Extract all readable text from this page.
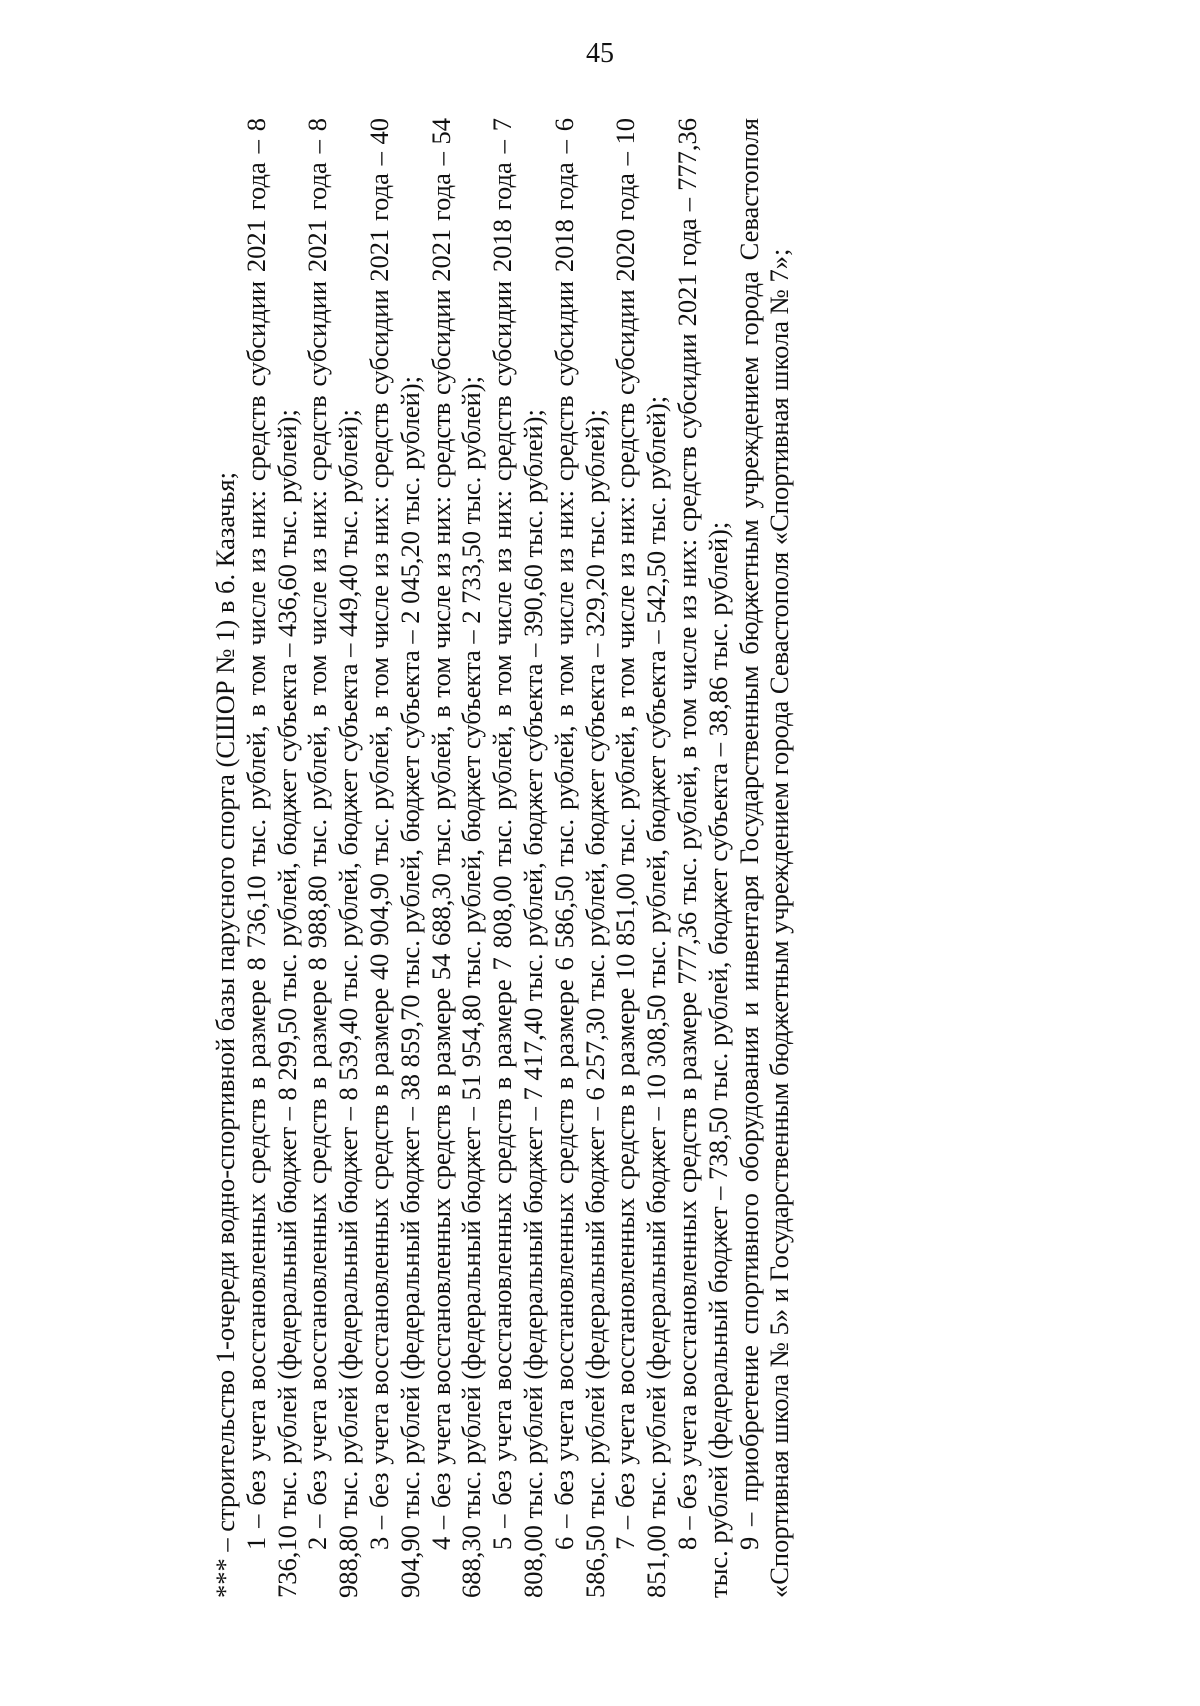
45

*** – строительство 1-очереди водно-спортивной базы парусного спорта (СШОР № 1) в б. Казачья; 1 – без учета восстановленных средств в размере 8 736,10 тыс. рублей, в том числе из них: средств субсидии 2021 года – 8 736,10 тыс. рублей (федеральный бюджет – 8 299,50 тыс. рублей, бюджет субъекта – 436,60 тыс. рублей); 2 – без учета восстановленных средств в размере 8 988,80 тыс. рублей, в том числе из них: средств субсидии 2021 года – 8 988,80 тыс. рублей (федеральный бюджет – 8 539,40 тыс. рублей, бюджет субъекта – 449,40 тыс. рублей); 3 – без учета восстановленных средств в размере 40 904,90 тыс. рублей, в том числе из них: средств субсидии 2021 года – 40 904,90 тыс. рублей (федеральный бюджет – 38 859,70 тыс. рублей, бюджет субъекта – 2 045,20 тыс. рублей); 4 – без учета восстановленных средств в размере 54 688,30 тыс. рублей, в том числе из них: средств субсидии 2021 года – 54 688,30 тыс. рублей (федеральный бюджет – 51 954,80 тыс. рублей, бюджет субъекта – 2 733,50 тыс. рублей); 5 – без учета восстановленных средств в размере 7 808,00 тыс. рублей, в том числе из них: средств субсидии 2018 года – 7 808,00 тыс. рублей (федеральный бюджет – 7 417,40 тыс. рублей, бюджет субъекта – 390,60 тыс. рублей); 6 – без учета восстановленных средств в размере 6 586,50 тыс. рублей, в том числе из них: средств субсидии 2018 года – 6 586,50 тыс. рублей (федеральный бюджет – 6 257,30 тыс. рублей, бюджет субъекта – 329,20 тыс. рублей); 7 – без учета восстановленных средств в размере 10 851,00 тыс. рублей, в том числе из них: средств субсидии 2020 года – 10 851,00 тыс. рублей (федеральный бюджет – 10 308,50 тыс. рублей, бюджет субъекта – 542,50 тыс. рублей); 8 – без учета восстановленных средств в размере 777,36 тыс. рублей, в том числе из них: средств субсидии 2021 года – 777,36 тыс. рублей (федеральный бюджет – 738,50 тыс. рублей, бюджет субъекта – 38,86 тыс. рублей); 9 – приобретение спортивного оборудования и инвентаря Государственным бюджетным учреждением города Севастополя «Спортивная школа № 5» и Государственным бюджетным учреждением города Севастополя «Спортивная школа № 7»;
